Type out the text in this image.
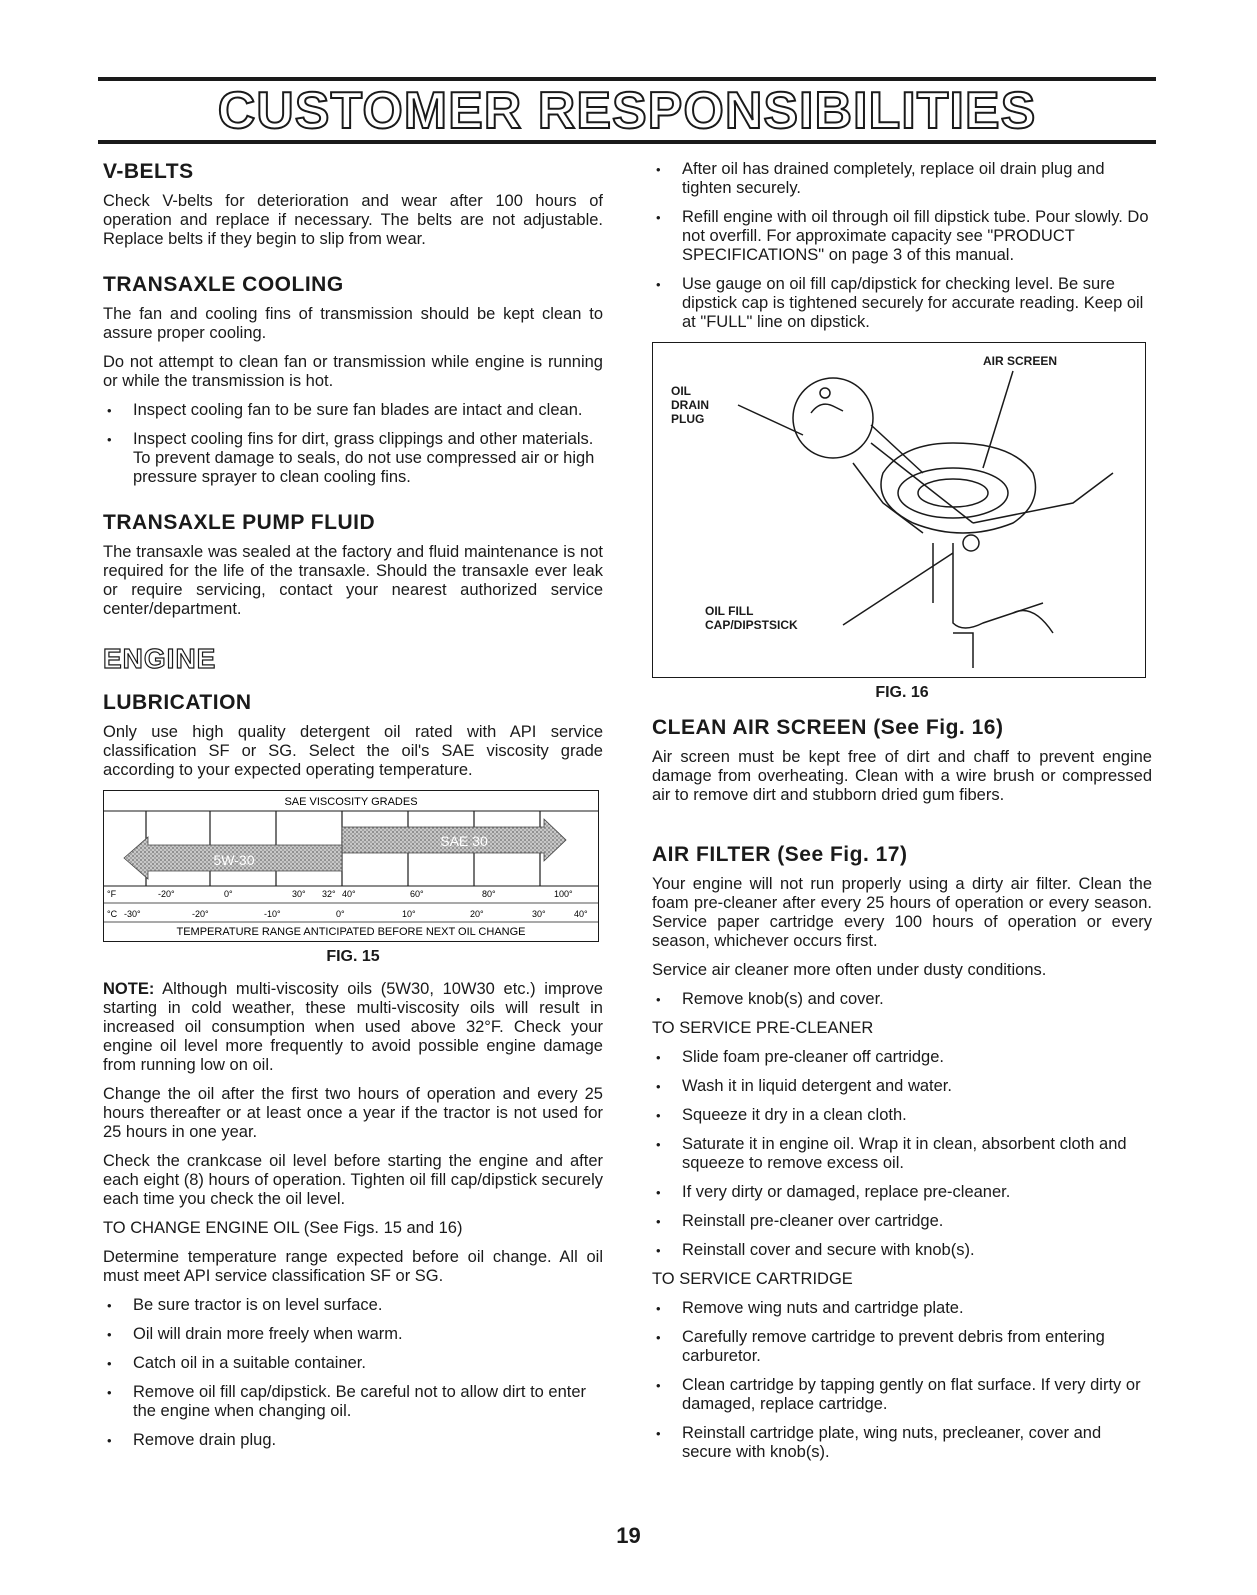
CUSTOMER RESPONSIBILITIES
V-BELTS

Check V-belts for deterioration and wear after 100 hours of operation and replace if necessary. The belts are not adjustable. Replace belts if they begin to slip from wear.

TRANSAXLE COOLING

The fan and cooling fins of transmission should be kept clean to assure proper cooling.

Do not attempt to clean fan or transmission while engine is running or while the transmission is hot.

• Inspect cooling fan to be sure fan blades are intact and clean.
• Inspect cooling fins for dirt, grass clippings and other materials. To prevent damage to seals, do not use compressed air or high pressure sprayer to clean cooling fins.
TRANSAXLE PUMP FLUID

The transaxle was sealed at the factory and fluid maintenance is not required for the life of the transaxle. Should the transaxle ever leak or require servicing, contact your nearest authorized service center/department.

ENGINE
LUBRICATION

Only use high quality detergent oil rated with API service classification SF or SG. Select the oil's SAE viscosity grade according to your expected operating temperature.

SAE VISCOSITY GRADES
SAE 30
5W-30
°F	-20°	0°	30° 32° 40°	60°	80°	100°
°C -30°	-20°	-10°	0°	10°	20°	30°	40°
TEMPERATURE RANGE ANTICIPATED BEFORE NEXT OIL CHANGE
FIG. 15

NOTE: Although multi-viscosity oils (5W30, 10W30 etc.) improve starting in cold weather, these multi-viscosity oils will result in increased oil consumption when used above 32°F. Check your engine oil level more frequently to avoid possible engine damage from running low on oil.

Change the oil after the first two hours of operation and every 25 hours thereafter or at least once a year if the tractor is not used for 25 hours in one year.

Check the crankcase oil level before starting the engine and after each eight (8) hours of operation. Tighten oil fill cap/dipstick securely each time you check the oil level.

TO CHANGE ENGINE OIL (See Figs. 15 and 16)

Determine temperature range expected before oil change. All oil must meet API service classification SF or SG.

• Be sure tractor is on level surface.
• Oil will drain more freely when warm.
• Catch oil in a suitable container.
• Remove oil fill cap/dipstick. Be careful not to allow dirt to enter the engine when changing oil.
• Remove drain plug.
• After oil has drained completely, replace oil drain plug and tighten securely.
• Refill engine with oil through oil fill dipstick tube. Pour slowly. Do not overfill. For approximate capacity see "PRODUCT SPECIFICATIONS" on page 3 of this manual.
• Use gauge on oil fill cap/dipstick for checking level. Be sure dipstick cap is tightened securely for accurate reading. Keep oil at "FULL" line on dipstick.
AIR SCREEN
OIL
DRAIN
PLUG
OIL FILL
CAP/DIPSTSICK
FIG. 16
CLEAN AIR SCREEN (See Fig. 16)

Air screen must be kept free of dirt and chaff to prevent engine damage from overheating. Clean with a wire brush or compressed air to remove dirt and stubborn dried gum fibers.

AIR FILTER (See Fig. 17)

Your engine will not run properly using a dirty air filter. Clean the foam pre-cleaner after every 25 hours of operation or every season. Service paper cartridge every 100 hours of operation or every season, whichever occurs first.

Service air cleaner more often under dusty conditions.

• Remove knob(s) and cover.
TO SERVICE PRE-CLEANER
• Slide foam pre-cleaner off cartridge.
• Wash it in liquid detergent and water.
• Squeeze it dry in a clean cloth.
• Saturate it in engine oil. Wrap it in clean, absorbent cloth and squeeze to remove excess oil.
• If very dirty or damaged, replace pre-cleaner.
• Reinstall pre-cleaner over cartridge.
• Reinstall cover and secure with knob(s).
TO SERVICE CARTRIDGE
• Remove wing nuts and cartridge plate.
• Carefully remove cartridge to prevent debris from entering carburetor.
• Clean cartridge by tapping gently on flat surface. If very dirty or damaged, replace cartridge.
• Reinstall cartridge plate, wing nuts, precleaner, cover and secure with knob(s).
19
